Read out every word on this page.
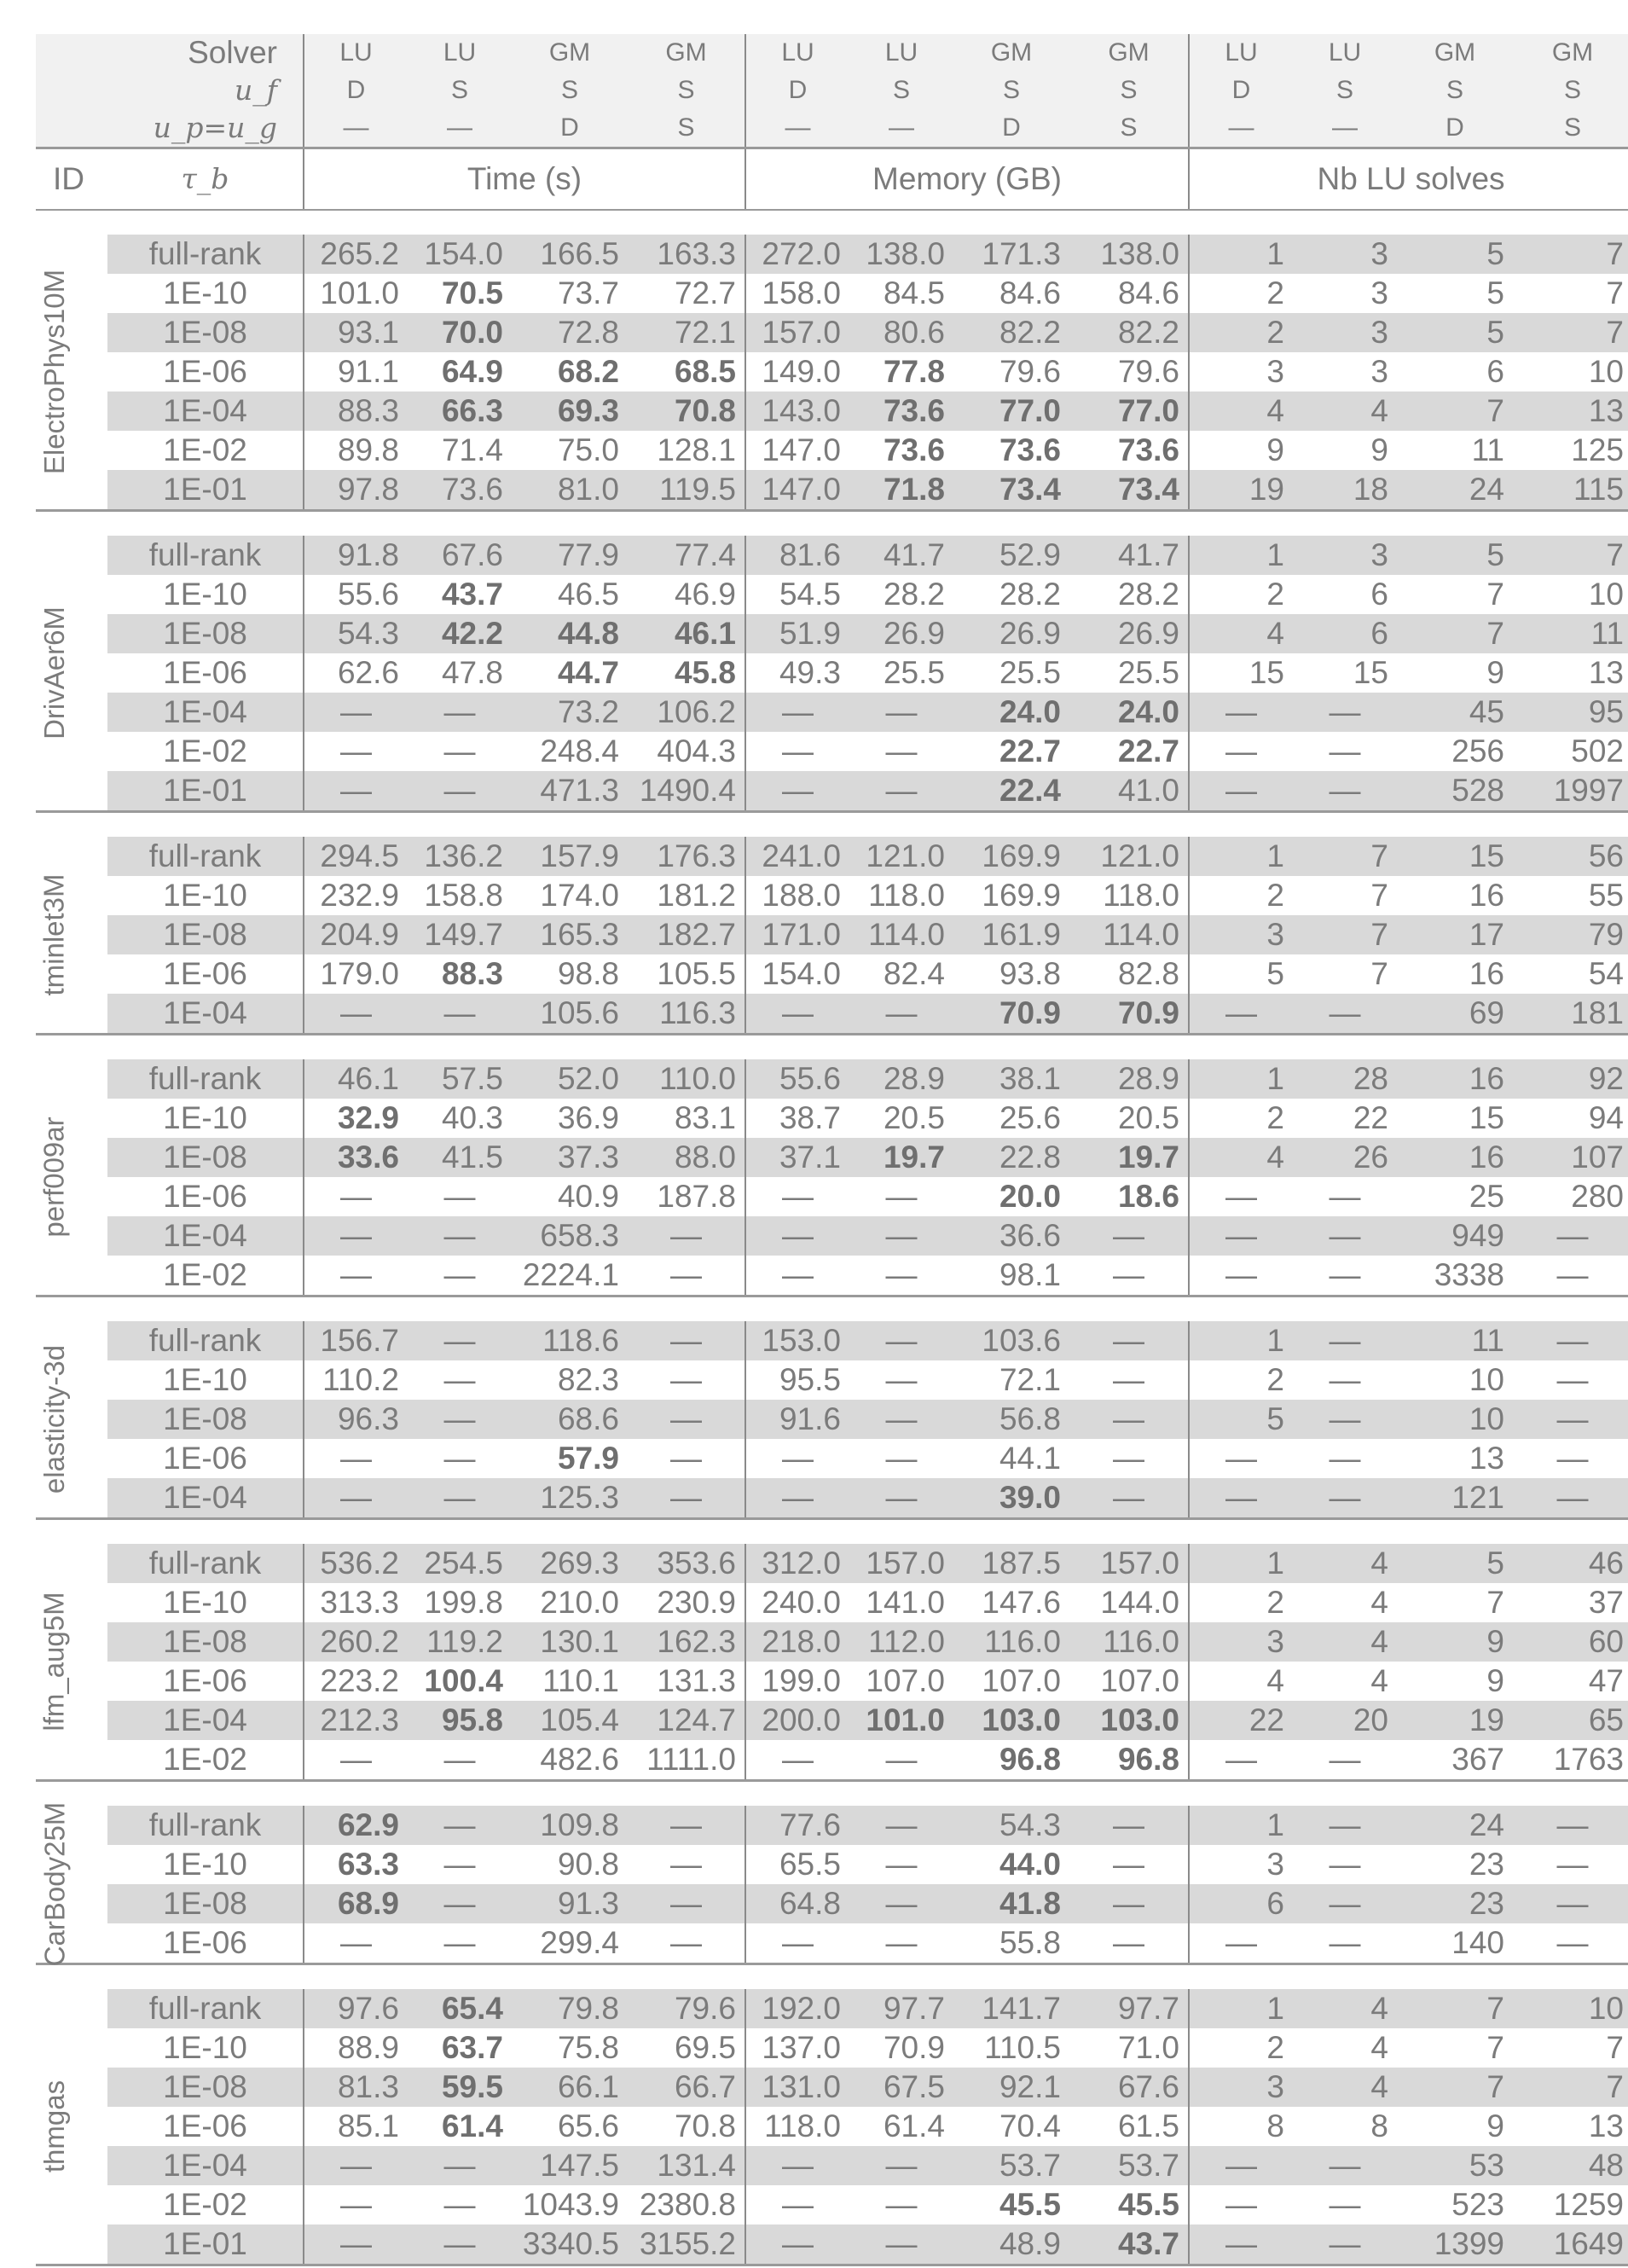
	Solver	LU	LU	GM	GM	LU	LU	GM	GM	LU	LU	GM	GM
	u_f	D	S	S	S	D	S	S	S	D	S	S	S
	u_p=u_g	—	—	D	S	—	—	D	S	—	—	D	S
ID	τ_b	Time (s)				Memory (GB)				Nb LU solves			

ElectroPhys10M	full-rank	265.2	154.0	166.5	163.3	272.0	138.0	171.3	138.0	1	3	5	7
	1E-10	101.0	70.5	73.7	72.7	158.0	84.5	84.6	84.6	2	3	5	7
	1E-08	93.1	70.0	72.8	72.1	157.0	80.6	82.2	82.2	2	3	5	7
	1E-06	91.1	64.9	68.2	68.5	149.0	77.8	79.6	79.6	3	3	6	10
	1E-04	88.3	66.3	69.3	70.8	143.0	73.6	77.0	77.0	4	4	7	13
	1E-02	89.8	71.4	75.0	128.1	147.0	73.6	73.6	73.6	9	9	11	125
	1E-01	97.8	73.6	81.0	119.5	147.0	71.8	73.4	73.4	19	18	24	115

DrivAer6M	full-rank	91.8	67.6	77.9	77.4	81.6	41.7	52.9	41.7	1	3	5	7
	1E-10	55.6	43.7	46.5	46.9	54.5	28.2	28.2	28.2	2	6	7	10
	1E-08	54.3	42.2	44.8	46.1	51.9	26.9	26.9	26.9	4	6	7	11
	1E-06	62.6	47.8	44.7	45.8	49.3	25.5	25.5	25.5	15	15	9	13
	1E-04	—	—	73.2	106.2	—	—	24.0	24.0	—	—	45	95
	1E-02	—	—	248.4	404.3	—	—	22.7	22.7	—	—	256	502
	1E-01	—	—	471.3	1490.4	—	—	22.4	41.0	—	—	528	1997

tminlet3M	full-rank	294.5	136.2	157.9	176.3	241.0	121.0	169.9	121.0	1	7	15	56
	1E-10	232.9	158.8	174.0	181.2	188.0	118.0	169.9	118.0	2	7	16	55
	1E-08	204.9	149.7	165.3	182.7	171.0	114.0	161.9	114.0	3	7	17	79
	1E-06	179.0	88.3	98.8	105.5	154.0	82.4	93.8	82.8	5	7	16	54
	1E-04	—	—	105.6	116.3	—	—	70.9	70.9	—	—	69	181

perf009ar	full-rank	46.1	57.5	52.0	110.0	55.6	28.9	38.1	28.9	1	28	16	92
	1E-10	32.9	40.3	36.9	83.1	38.7	20.5	25.6	20.5	2	22	15	94
	1E-08	33.6	41.5	37.3	88.0	37.1	19.7	22.8	19.7	4	26	16	107
	1E-06	—	—	40.9	187.8	—	—	20.0	18.6	—	—	25	280
	1E-04	—	—	658.3	—	—	—	36.6	—	—	—	949	—
	1E-02	—	—	2224.1	—	—	—	98.1	—	—	—	3338	—

elasticity-3d	full-rank	156.7	—	118.6	—	153.0	—	103.6	—	1	—	11	—
	1E-10	110.2	—	82.3	—	95.5	—	72.1	—	2	—	10	—
	1E-08	96.3	—	68.6	—	91.6	—	56.8	—	5	—	10	—
	1E-06	—	—	57.9	—	—	—	44.1	—	—	—	13	—
	1E-04	—	—	125.3	—	—	—	39.0	—	—	—	121	—

lfm_aug5M	full-rank	536.2	254.5	269.3	353.6	312.0	157.0	187.5	157.0	1	4	5	46
	1E-10	313.3	199.8	210.0	230.9	240.0	141.0	147.6	144.0	2	4	7	37
	1E-08	260.2	119.2	130.1	162.3	218.0	112.0	116.0	116.0	3	4	9	60
	1E-06	223.2	100.4	110.1	131.3	199.0	107.0	107.0	107.0	4	4	9	47
	1E-04	212.3	95.8	105.4	124.7	200.0	101.0	103.0	103.0	22	20	19	65
	1E-02	—	—	482.6	1111.0	—	—	96.8	96.8	—	—	367	1763

CarBody25M	full-rank	62.9	—	109.8	—	77.6	—	54.3	—	1	—	24	—
	1E-10	63.3	—	90.8	—	65.5	—	44.0	—	3	—	23	—
	1E-08	68.9	—	91.3	—	64.8	—	41.8	—	6	—	23	—
	1E-06	—	—	299.4	—	—	—	55.8	—	—	—	140	—

thmgas	full-rank	97.6	65.4	79.8	79.6	192.0	97.7	141.7	97.7	1	4	7	10
	1E-10	88.9	63.7	75.8	69.5	137.0	70.9	110.5	71.0	2	4	7	7
	1E-08	81.3	59.5	66.1	66.7	131.0	67.5	92.1	67.6	3	4	7	7
	1E-06	85.1	61.4	65.6	70.8	118.0	61.4	70.4	61.5	8	8	9	13
	1E-04	—	—	147.5	131.4	—	—	53.7	53.7	—	—	53	48
	1E-02	—	—	1043.9	2380.8	—	—	45.5	45.5	—	—	523	1259
	1E-01	—	—	3340.5	3155.2	—	—	48.9	43.7	—	—	1399	1649
